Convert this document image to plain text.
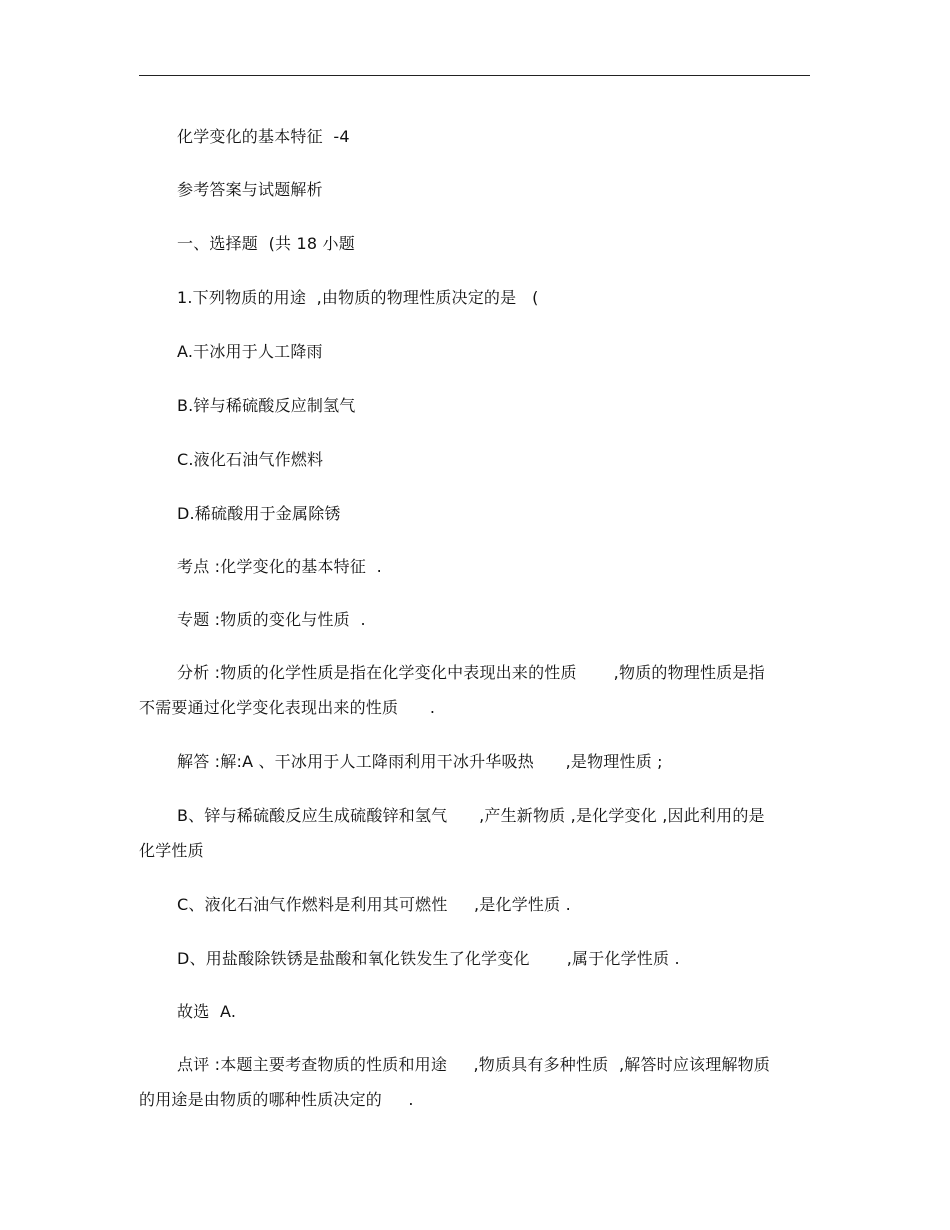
化学变化的基本特征  -4
参考答案与试题解析
一、选择题  (共 18 小题
1.下列物质的用途  ,由物质的物理性质决定的是   (
A.干冰用于人工降雨
B.锌与稀硫酸反应制氢气
C.液化石油气作燃料
D.稀硫酸用于金属除锈
考点 :化学变化的基本特征  .
专题 :物质的变化与性质  .
分析 :物质的化学性质是指在化学变化中表现出来的性质       ,物质的物理性质是指
不需要通过化学变化表现出来的性质      .
解答 :解:A 、干冰用于人工降雨利用干冰升华吸热      ,是物理性质 ;
B、锌与稀硫酸反应生成硫酸锌和氢气      ,产生新物质 ,是化学变化 ,因此利用的是
化学性质
C、液化石油气作燃料是利用其可燃性     ,是化学性质 .
D、用盐酸除铁锈是盐酸和氧化铁发生了化学变化       ,属于化学性质 .
故选  A.
点评 :本题主要考查物质的性质和用途     ,物质具有多种性质  ,解答时应该理解物质
的用途是由物质的哪种性质决定的     .
